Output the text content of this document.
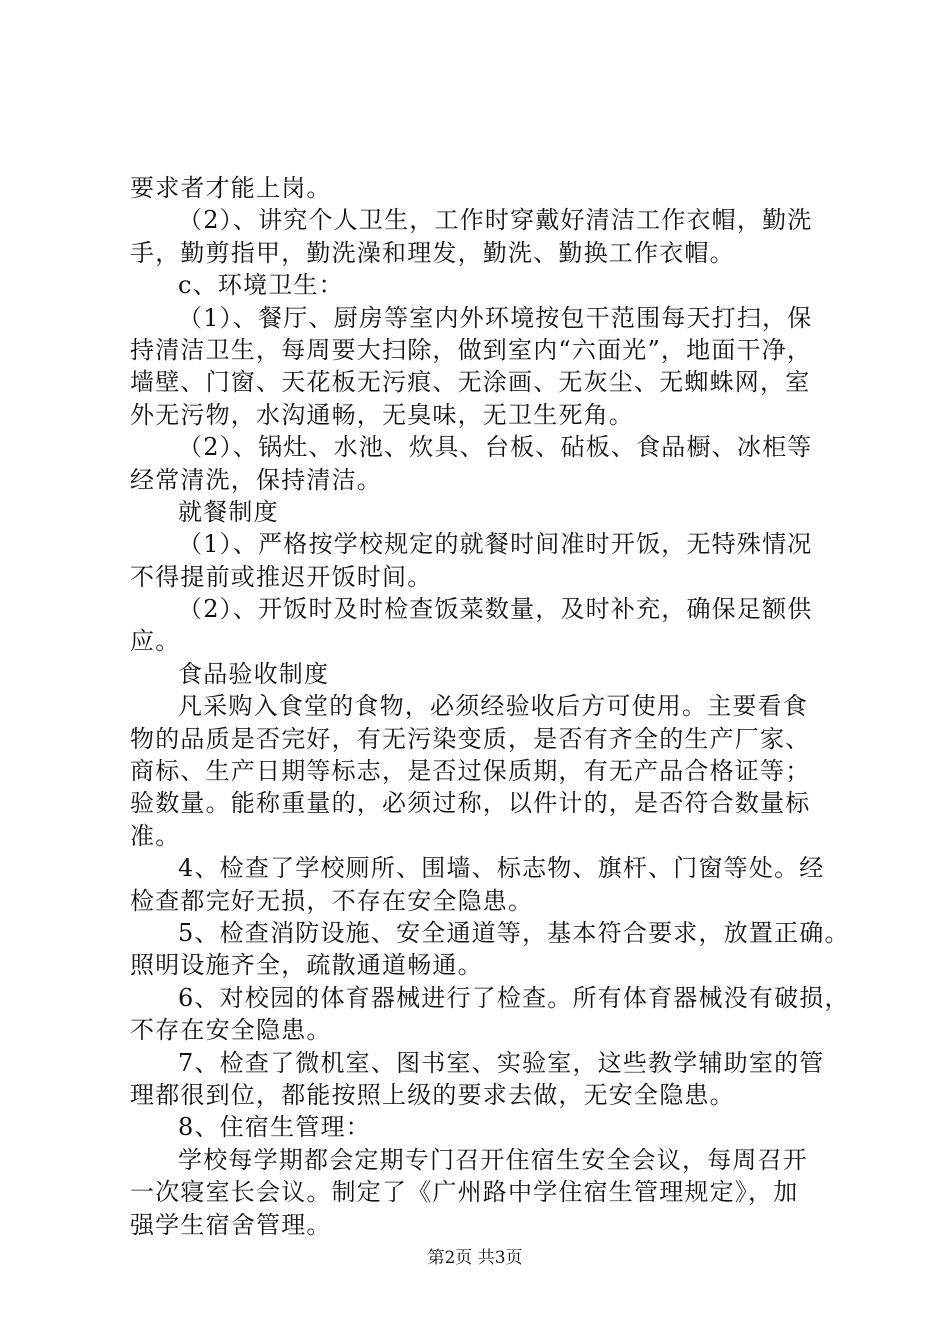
要求者才能上岗。
（2）、讲究个人卫生，工作时穿戴好清洁工作衣帽，勤洗
手，勤剪指甲，勤洗澡和理发，勤洗、勤换工作衣帽。
c、环境卫生：
（1）、餐厅、厨房等室内外环境按包干范围每天打扫，保
持清洁卫生，每周要大扫除，做到室内“六面光”，地面干净，
墙壁、门窗、天花板无污痕、无涂画、无灰尘、无蜘蛛网，室
外无污物，水沟通畅，无臭味，无卫生死角。
（2）、锅灶、水池、炊具、台板、砧板、食品橱、冰柜等
经常清洗，保持清洁。
就餐制度
（1）、严格按学校规定的就餐时间准时开饭，无特殊情况
不得提前或推迟开饭时间。
（2）、开饭时及时检查饭菜数量，及时补充，确保足额供
应。
食品验收制度
凡采购入食堂的食物，必须经验收后方可使用。主要看食
物的品质是否完好，有无污染变质，是否有齐全的生产厂家、
商标、生产日期等标志，是否过保质期，有无产品合格证等；
验数量。能称重量的，必须过称，以件计的，是否符合数量标
准。
4、检查了学校厕所、围墙、标志物、旗杆、门窗等处。经
检查都完好无损，不存在安全隐患。
5、检查消防设施、安全通道等，基本符合要求，放置正确。
照明设施齐全，疏散通道畅通。
6、对校园的体育器械进行了检查。所有体育器械没有破损，
不存在安全隐患。
7、检查了微机室、图书室、实验室，这些教学辅助室的管
理都很到位，都能按照上级的要求去做，无安全隐患。
8、住宿生管理：
学校每学期都会定期专门召开住宿生安全会议，每周召开
一次寝室长会议。制定了《广州路中学住宿生管理规定》，加
强学生宿舍管理。
第2页 共3页
